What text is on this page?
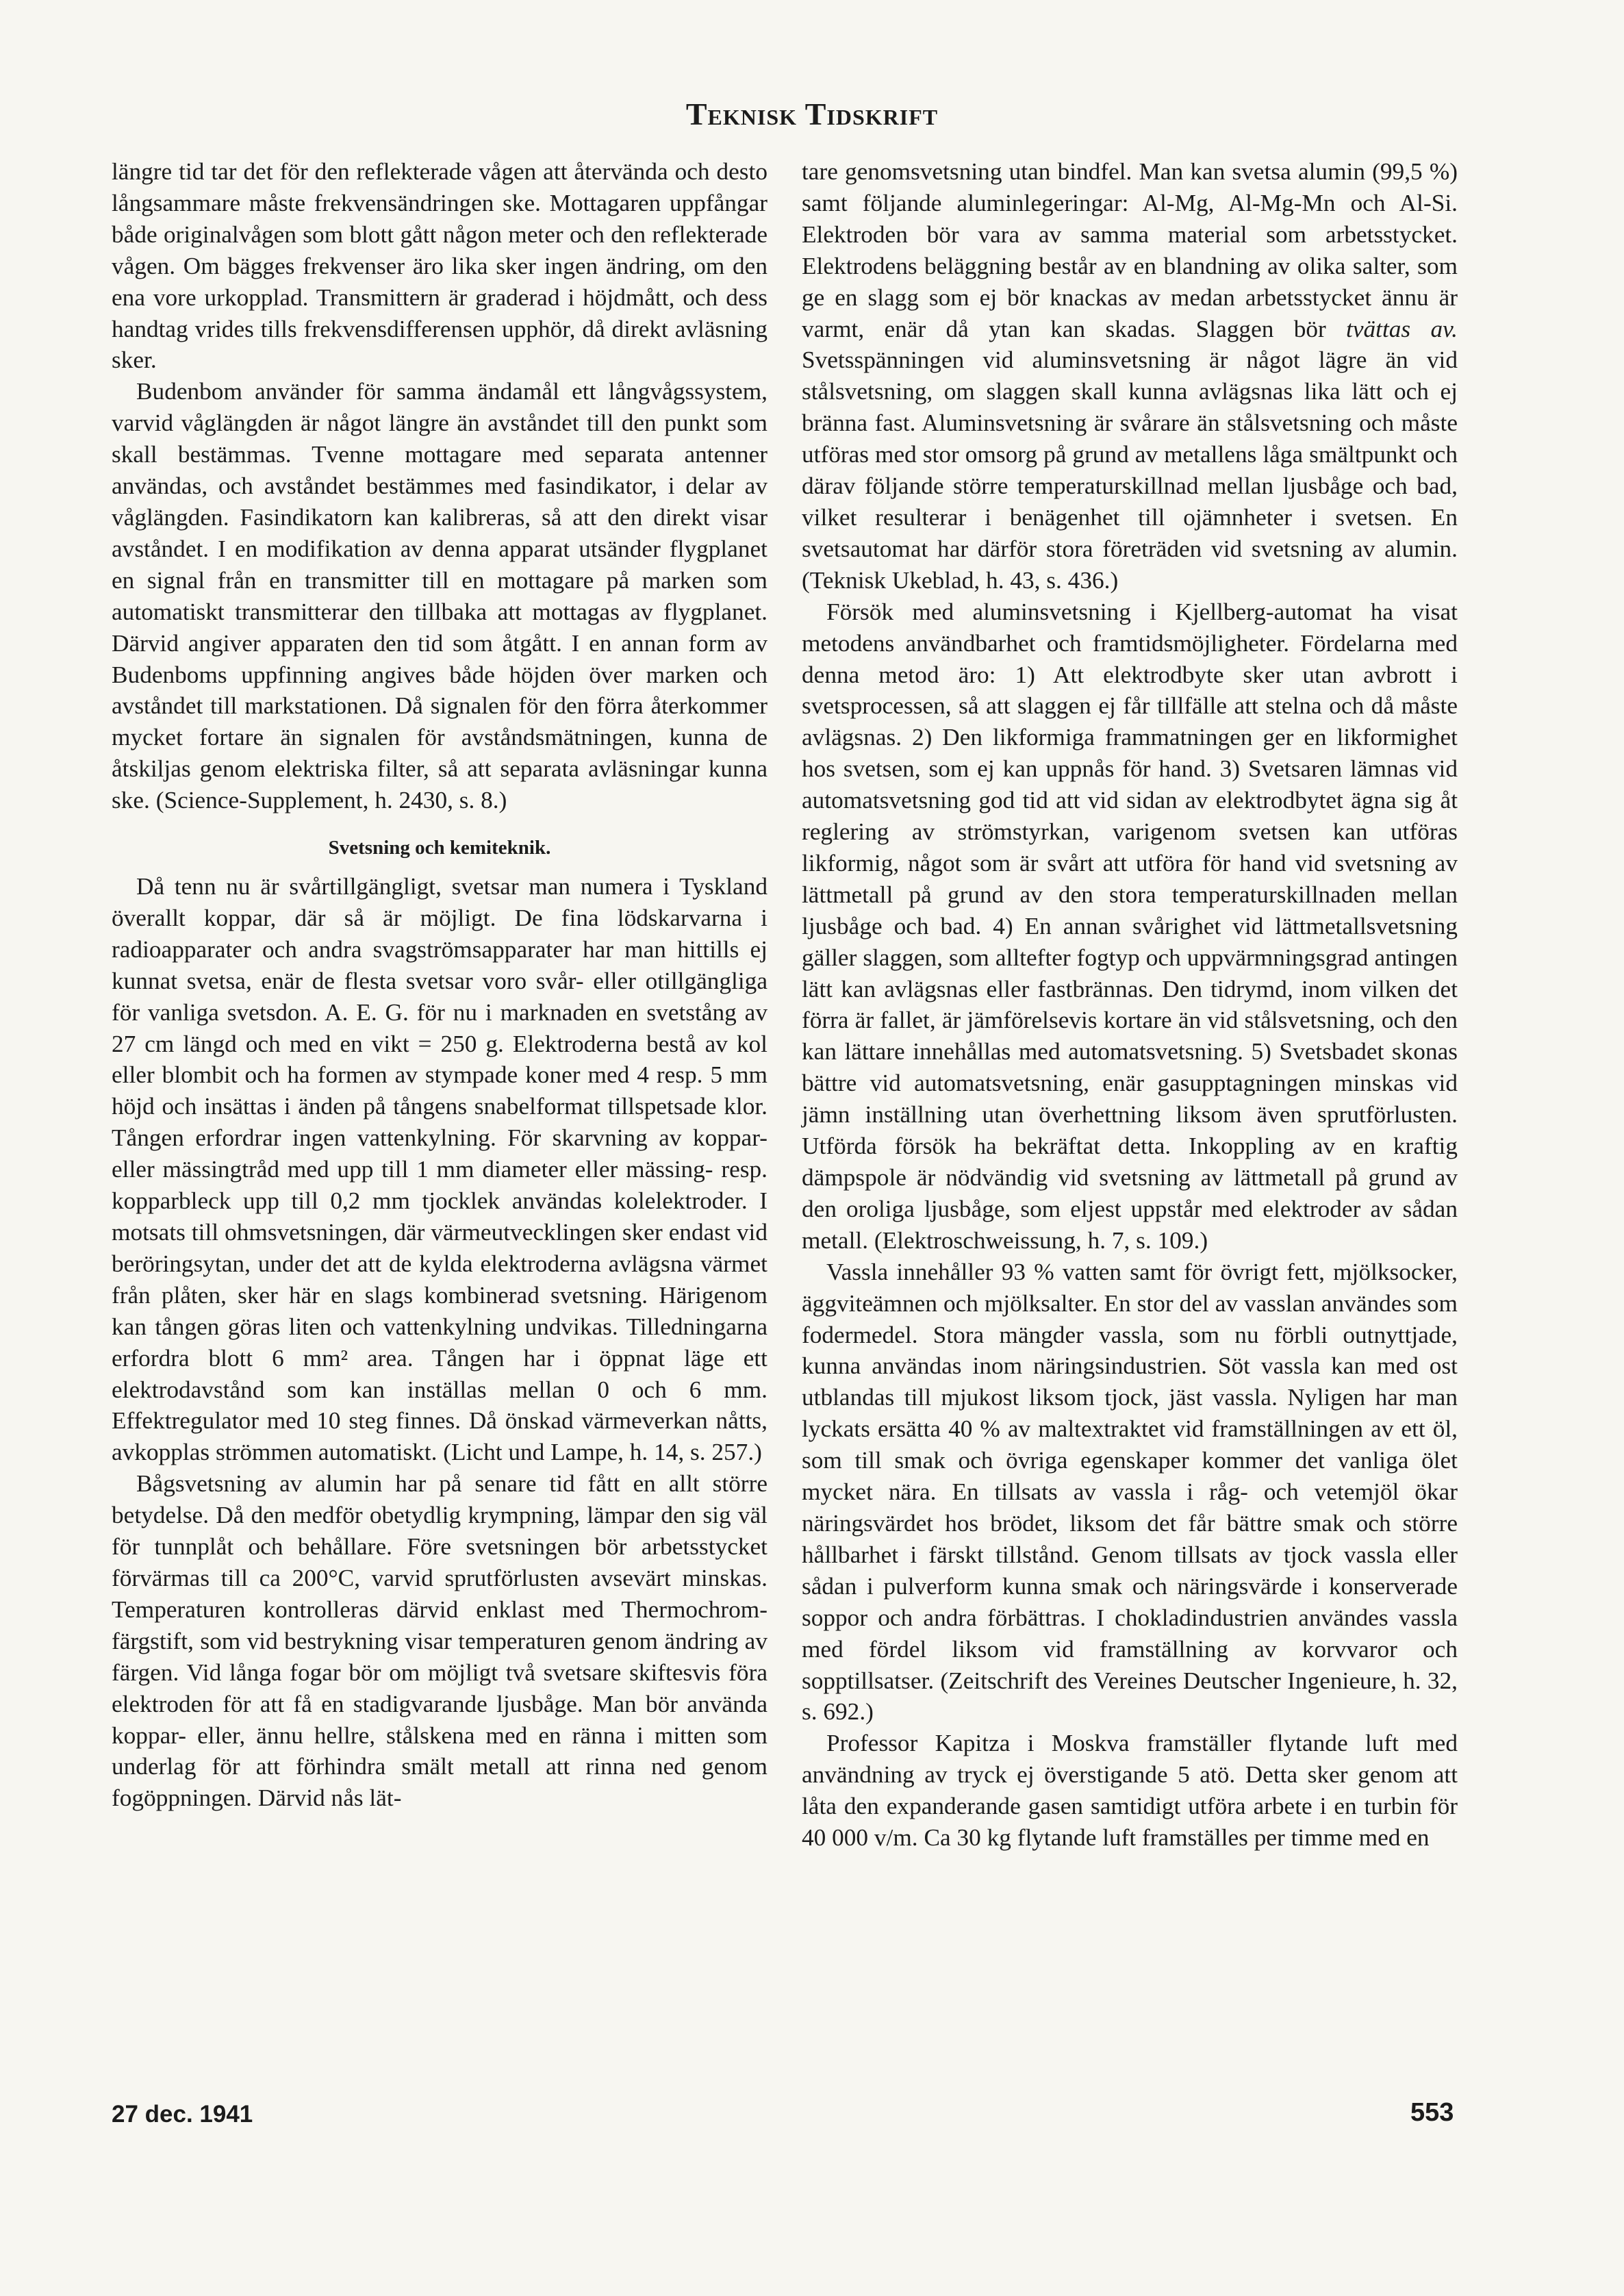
Teknisk Tidskrift

längre tid tar det för den reflekterade vågen att återvända och desto långsammare måste frekvensändringen ske. Mottagaren uppfångar både originalvågen som blott gått någon meter och den reflekterade vågen. Om bägges frekvenser äro lika sker ingen ändring, om den ena vore urkopplad. Transmittern är graderad i höjdmått, och dess handtag vrides tills frekvensdifferensen upphör, då direkt avläsning sker.

Budenbom använder för samma ändamål ett långvågssystem, varvid våglängden är något längre än avståndet till den punkt som skall bestämmas. Tvenne mottagare med separata antenner användas, och avståndet bestämmes med fasindikator, i delar av våglängden. Fasindikatorn kan kalibreras, så att den direkt visar avståndet. I en modifikation av denna apparat utsänder flygplanet en signal från en transmitter till en mottagare på marken som automatiskt transmitterar den tillbaka att mottagas av flygplanet. Därvid angiver apparaten den tid som åtgått. I en annan form av Budenboms uppfinning angives både höjden över marken och avståndet till markstationen. Då signalen för den förra återkommer mycket fortare än signalen för avståndsmätningen, kunna de åtskiljas genom elektriska filter, så att separata avläsningar kunna ske. (Science-Supplement, h. 2430, s. 8.)

Svetsning och kemiteknik.

Då tenn nu är svårtillgängligt, svetsar man numera i Tyskland överallt koppar, där så är möjligt. De fina lödskarvarna i radioapparater och andra svagströmsapparater har man hittills ej kunnat svetsa, enär de flesta svetsar voro svår- eller otillgängliga för vanliga svetsdon. A. E. G. för nu i marknaden en svetstång av 27 cm längd och med en vikt = 250 g. Elektroderna bestå av kol eller blombit och ha formen av stympade koner med 4 resp. 5 mm höjd och insättas i änden på tångens snabelformat tillspetsade klor. Tången erfordrar ingen vattenkylning. För skarvning av koppar- eller mässingtråd med upp till 1 mm diameter eller mässing- resp. kopparbleck upp till 0,2 mm tjocklek användas kolelektroder. I motsats till ohmsvetsningen, där värmeutvecklingen sker endast vid beröringsytan, under det att de kylda elektroderna avlägsna värmet från plåten, sker här en slags kombinerad svetsning. Härigenom kan tången göras liten och vattenkylning undvikas. Tilledningarna erfordra blott 6 mm² area. Tången har i öppnat läge ett elektrodavstånd som kan inställas mellan 0 och 6 mm. Effektregulator med 10 steg finnes. Då önskad värmeverkan nåtts, avkopplas strömmen automatiskt. (Licht und Lampe, h. 14, s. 257.)

Bågsvetsning av alumin har på senare tid fått en allt större betydelse. Då den medför obetydlig krympning, lämpar den sig väl för tunnplåt och behållare. Före svetsningen bör arbetsstycket förvärmas till ca 200°C, varvid sprutförlusten avsevärt minskas. Temperaturen kontrolleras därvid enklast med Thermochrom-färgstift, som vid bestrykning visar temperaturen genom ändring av färgen. Vid långa fogar bör om möjligt två svetsare skiftesvis föra elektroden för att få en stadigvarande ljusbåge. Man bör använda koppar- eller, ännu hellre, stålskena med en ränna i mitten som underlag för att förhindra smält metall att rinna ned genom fogöppningen. Därvid nås lät-

tare genomsvetsning utan bindfel. Man kan svetsa alumin (99,5 %) samt följande aluminlegeringar: Al-Mg, Al-Mg-Mn och Al-Si. Elektroden bör vara av samma material som arbetsstycket. Elektrodens beläggning består av en blandning av olika salter, som ge en slagg som ej bör knackas av medan arbetsstycket ännu är varmt, enär då ytan kan skadas. Slaggen bör tvättas av. Svetsspänningen vid aluminsvetsning är något lägre än vid stålsvetsning, om slaggen skall kunna avlägsnas lika lätt och ej bränna fast. Aluminsvetsning är svårare än stålsvetsning och måste utföras med stor omsorg på grund av metallens låga smältpunkt och därav följande större temperaturskillnad mellan ljusbåge och bad, vilket resulterar i benägenhet till ojämnheter i svetsen. En svetsautomat har därför stora företräden vid svetsning av alumin. (Teknisk Ukeblad, h. 43, s. 436.)

Försök med aluminsvetsning i Kjellberg-automat ha visat metodens användbarhet och framtidsmöjligheter. Fördelarna med denna metod äro: 1) Att elektrodbyte sker utan avbrott i svetsprocessen, så att slaggen ej får tillfälle att stelna och då måste avlägsnas. 2) Den likformiga frammatningen ger en likformighet hos svetsen, som ej kan uppnås för hand. 3) Svetsaren lämnas vid automatsvetsning god tid att vid sidan av elektrodbytet ägna sig åt reglering av strömstyrkan, varigenom svetsen kan utföras likformig, något som är svårt att utföra för hand vid svetsning av lättmetall på grund av den stora temperaturskillnaden mellan ljusbåge och bad. 4) En annan svårighet vid lättmetallsvetsning gäller slaggen, som alltefter fogtyp och uppvärmningsgrad antingen lätt kan avlägsnas eller fastbrännas. Den tidrymd, inom vilken det förra är fallet, är jämförelsevis kortare än vid stålsvetsning, och den kan lättare innehållas med automatsvetsning. 5) Svetsbadet skonas bättre vid automatsvetsning, enär gasupptagningen minskas vid jämn inställning utan överhettning liksom även sprutförlusten. Utförda försök ha bekräftat detta. Inkoppling av en kraftig dämpspole är nödvändig vid svetsning av lättmetall på grund av den oroliga ljusbåge, som eljest uppstår med elektroder av sådan metall. (Elektroschweissung, h. 7, s. 109.)

Vassla innehåller 93 % vatten samt för övrigt fett, mjölksocker, äggviteämnen och mjölksalter. En stor del av vasslan användes som fodermedel. Stora mängder vassla, som nu förbli outnyttjade, kunna användas inom näringsindustrien. Söt vassla kan med ost utblandas till mjukost liksom tjock, jäst vassla. Nyligen har man lyckats ersätta 40 % av maltextraktet vid framställningen av ett öl, som till smak och övriga egenskaper kommer det vanliga ölet mycket nära. En tillsats av vassla i råg- och vetemjöl ökar näringsvärdet hos brödet, liksom det får bättre smak och större hållbarhet i färskt tillstånd. Genom tillsats av tjock vassla eller sådan i pulverform kunna smak och näringsvärde i konserverade soppor och andra förbättras. I chokladindustrien användes vassla med fördel liksom vid framställning av korvvaror och sopptillsatser. (Zeitschrift des Vereines Deutscher Ingenieure, h. 32, s. 692.)

Professor Kapitza i Moskva framställer flytande luft med användning av tryck ej överstigande 5 atö. Detta sker genom att låta den expanderande gasen samtidigt utföra arbete i en turbin för 40 000 v/m. Ca 30 kg flytande luft framställes per timme med en

27 dec. 1941	553
